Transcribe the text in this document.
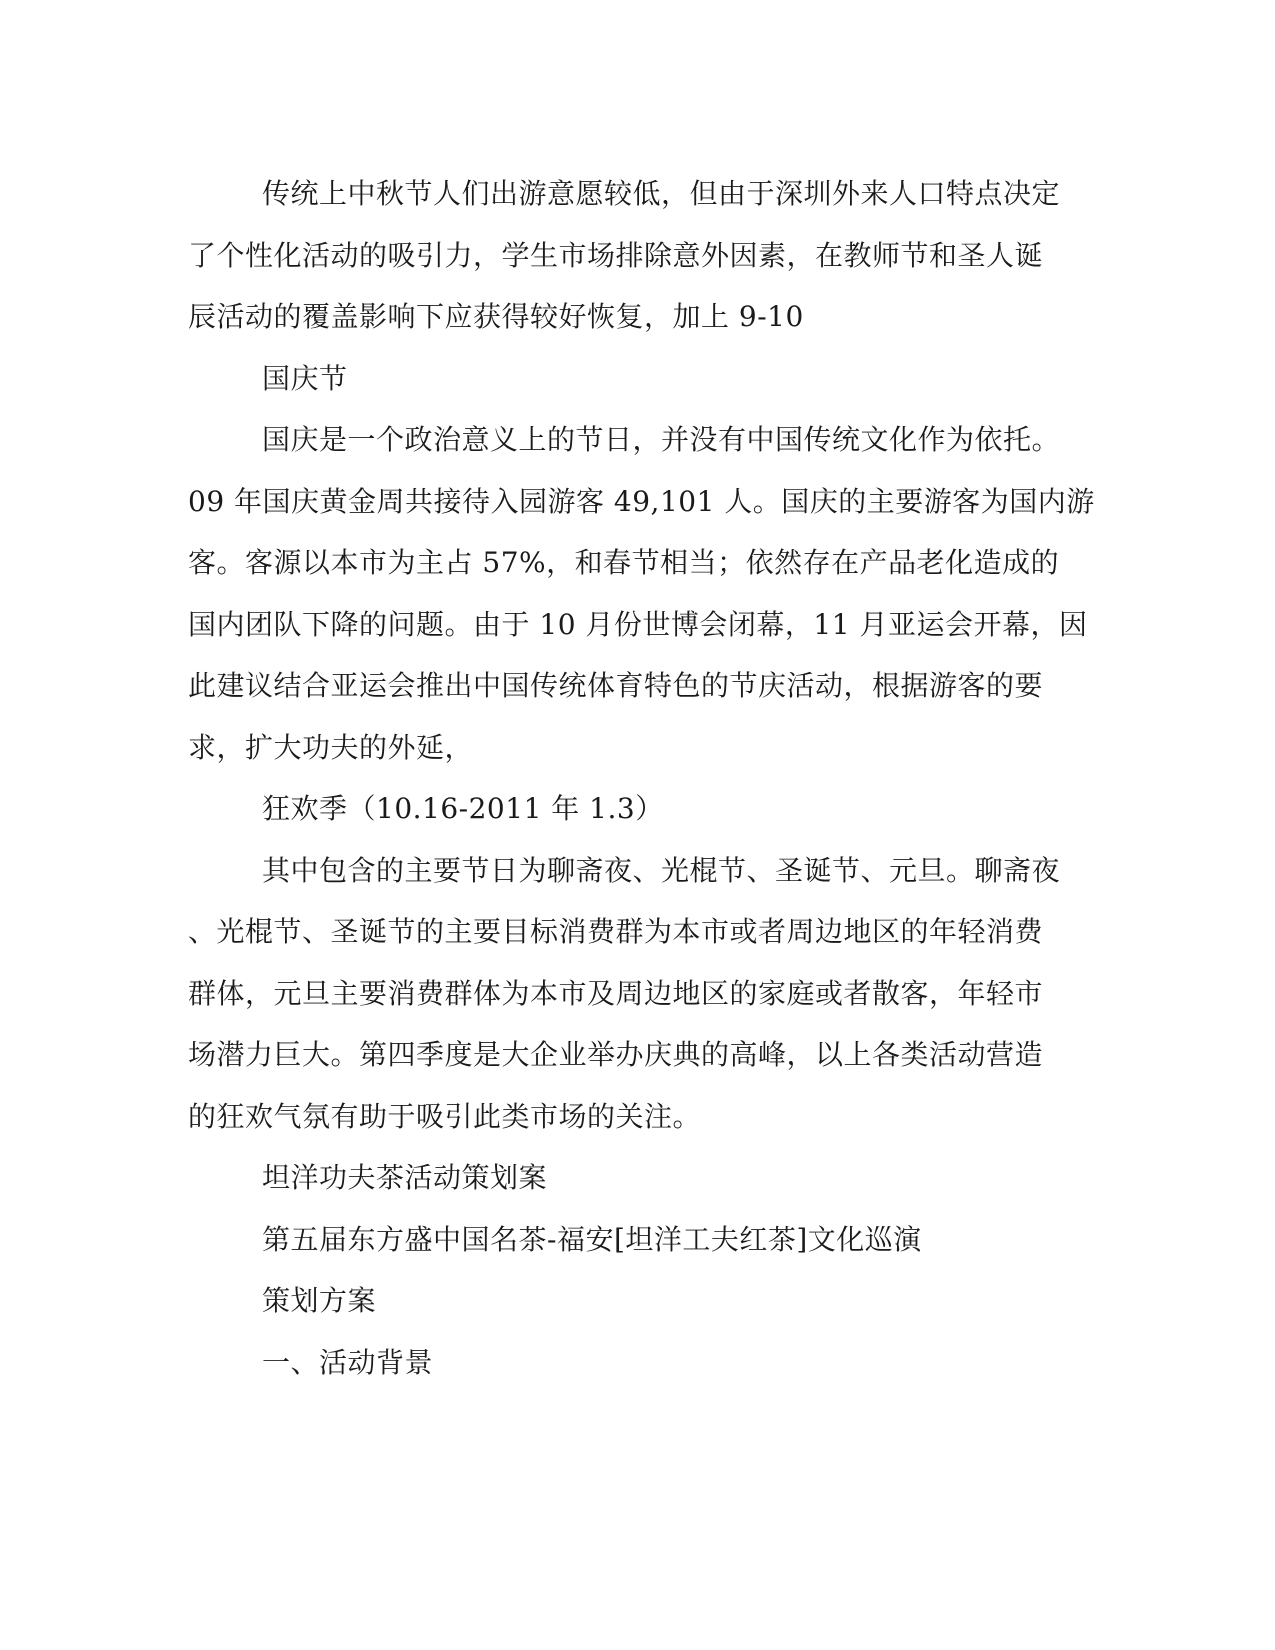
传统上中秋节人们出游意愿较低，但由于深圳外来人口特点决定
了个性化活动的吸引力，学生市场排除意外因素，在教师节和圣人诞
辰活动的覆盖影响下应获得较好恢复，加上 9-10
国庆节
国庆是一个政治意义上的节日，并没有中国传统文化作为依托。
09 年国庆黄金周共接待入园游客 49,101 人。国庆的主要游客为国内游
客。客源以本市为主占 57%，和春节相当；依然存在产品老化造成的
国内团队下降的问题。由于 10 月份世博会闭幕，11 月亚运会开幕，因
此建议结合亚运会推出中国传统体育特色的节庆活动，根据游客的要
求，扩大功夫的外延，
狂欢季（10.16-2011 年 1.3）
其中包含的主要节日为聊斋夜、光棍节、圣诞节、元旦。聊斋夜
、光棍节、圣诞节的主要目标消费群为本市或者周边地区的年轻消费
群体，元旦主要消费群体为本市及周边地区的家庭或者散客，年轻市
场潜力巨大。第四季度是大企业举办庆典的高峰，以上各类活动营造
的狂欢气氛有助于吸引此类市场的关注。
坦洋功夫茶活动策划案
第五届东方盛中国名茶-福安[坦洋工夫红茶]文化巡演
策划方案
一、活动背景
